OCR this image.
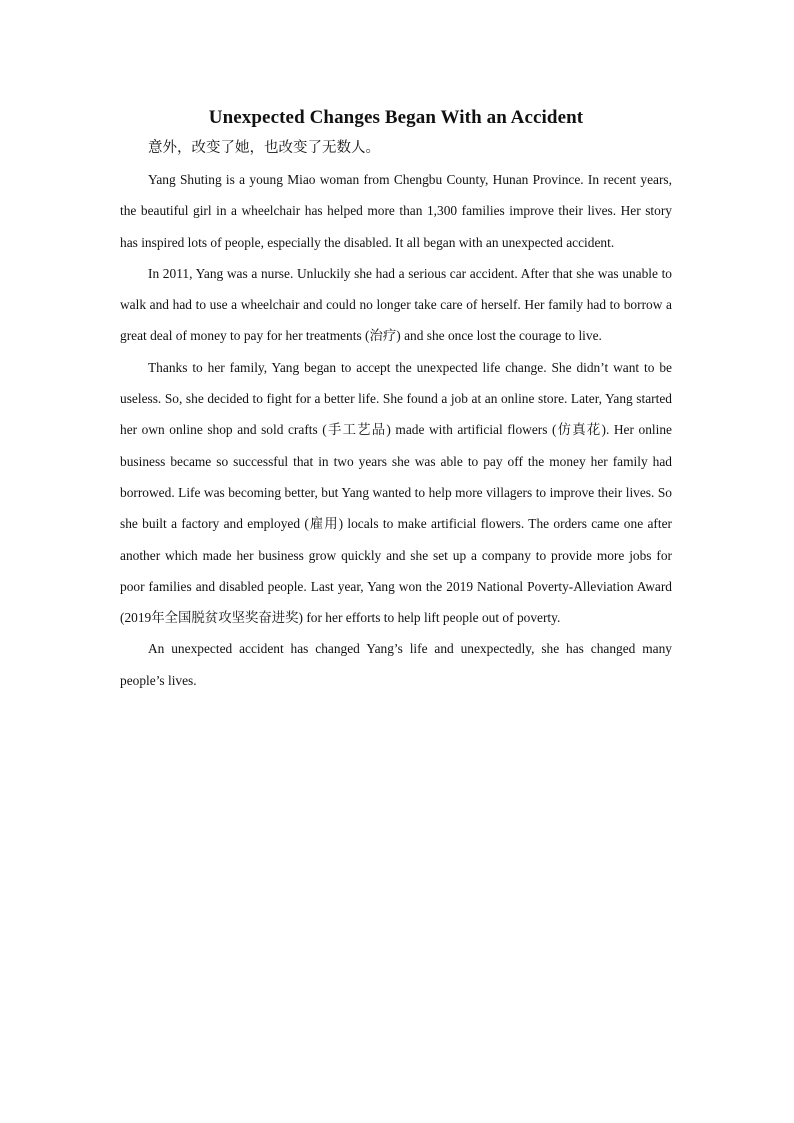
Unexpected Changes Began With an Accident

意外，改变了她，也改变了无数人。

Yang Shuting is a young Miao woman from Chengbu County, Hunan Province. In recent years, the beautiful girl in a wheelchair has helped more than 1,300 families improve their lives. Her story has inspired lots of people, especially the disabled. It all began with an unexpected accident.

In 2011, Yang was a nurse. Unluckily she had a serious car accident. After that she was unable to walk and had to use a wheelchair and could no longer take care of herself. Her family had to borrow a great deal of money to pay for her treatments (治疗) and she once lost the courage to live.

Thanks to her family, Yang began to accept the unexpected life change. She didn’t want to be useless. So, she decided to fight for a better life. She found a job at an online store. Later, Yang started her own online shop and sold crafts (手工艺品) made with artificial flowers (仿真花). Her online business became so successful that in two years she was able to pay off the money her family had borrowed. Life was becoming better, but Yang wanted to help more villagers to improve their lives. So she built a factory and employed (雇用) locals to make artificial flowers. The orders came one after another which made her business grow quickly and she set up a company to provide more jobs for poor families and disabled people. Last year, Yang won the 2019 National Poverty-Alleviation Award (2019年全国脱贫攻坚奖奋进奖) for her efforts to help lift people out of poverty.

An unexpected accident has changed Yang’s life and unexpectedly, she has changed many people’s lives.
